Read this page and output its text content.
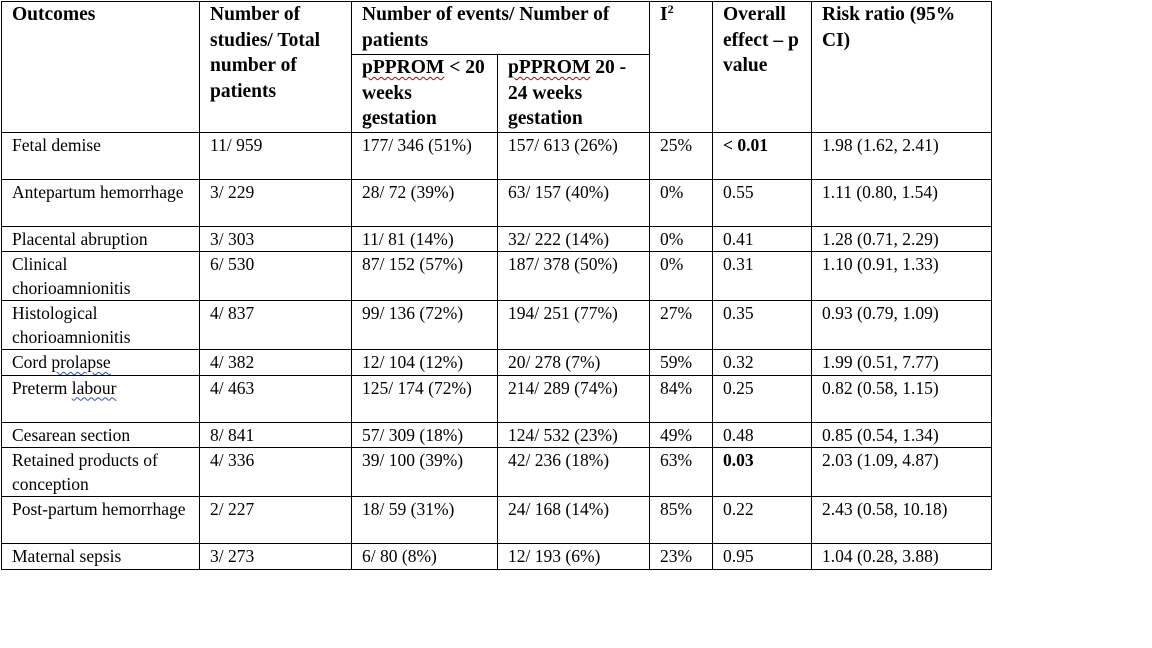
Outcomes	Number of studies/ Total number of patients	Number of events/ Number of patients		$I^2$	Overall effect – p value	Risk ratio (95% CI)
		pPPROM < 20 weeks gestation	pPPROM 20 - 24 weeks gestation			
Fetal demise	11/ 959	177/ 346 (51%)	157/ 613 (26%)	25%	< 0.01	1.98 (1.62, 2.41)
Antepartum hemorrhage	3/ 229	28/ 72 (39%)	63/ 157 (40%)	0%	0.55	1.11 (0.80, 1.54)
Placental abruption	3/ 303	11/ 81 (14%)	32/ 222 (14%)	0%	0.41	1.28 (0.71, 2.29)
Clinical chorioamnionitis	6/ 530	87/ 152 (57%)	187/ 378 (50%)	0%	0.31	1.10 (0.91, 1.33)
Histological chorioamnionitis	4/ 837	99/ 136 (72%)	194/ 251 (77%)	27%	0.35	0.93 (0.79, 1.09)
Cord prolapse	4/ 382	12/ 104 (12%)	20/ 278 (7%)	59%	0.32	1.99 (0.51, 7.77)
Preterm labour	4/ 463	125/ 174 (72%)	214/ 289 (74%)	84%	0.25	0.82 (0.58, 1.15)
Cesarean section	8/ 841	57/ 309 (18%)	124/ 532 (23%)	49%	0.48	0.85 (0.54, 1.34)
Retained products of conception	4/ 336	39/ 100 (39%)	42/ 236 (18%)	63%	0.03	2.03 (1.09, 4.87)
Post-partum hemorrhage	2/ 227	18/ 59 (31%)	24/ 168 (14%)	85%	0.22	2.43 (0.58, 10.18)
Maternal sepsis	3/ 273	6/ 80 (8%)	12/ 193 (6%)	23%	0.95	1.04 (0.28, 3.88)
